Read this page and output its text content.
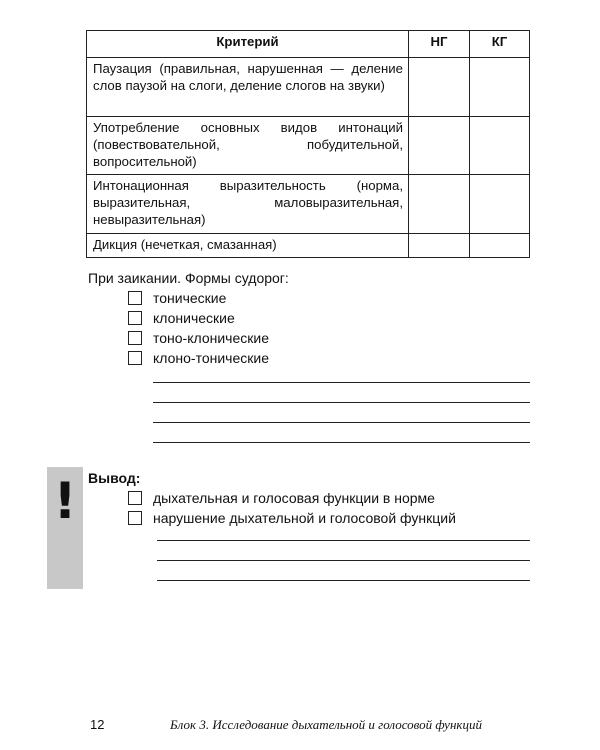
Критерий	НГ	КГ
Паузация (правильная, нарушенная — деление слов паузой на слоги, деление слогов на звуки)		
Употребление основных видов интонаций (повествовательной, побудительной, вопросительной)		
Интонационная выразительность (норма, выразительная, маловыразительная, невыразительная)		
Дикция (нечеткая, смазанная)		
При заикании. Формы судорог:
тонические
клонические
тоно-клонические
клоно-тонические
! Вывод:
дыхательная и голосовая функции в норме
нарушение дыхательной и голосовой функций
12	Блок 3. Исследование дыхательной и голосовой функций
